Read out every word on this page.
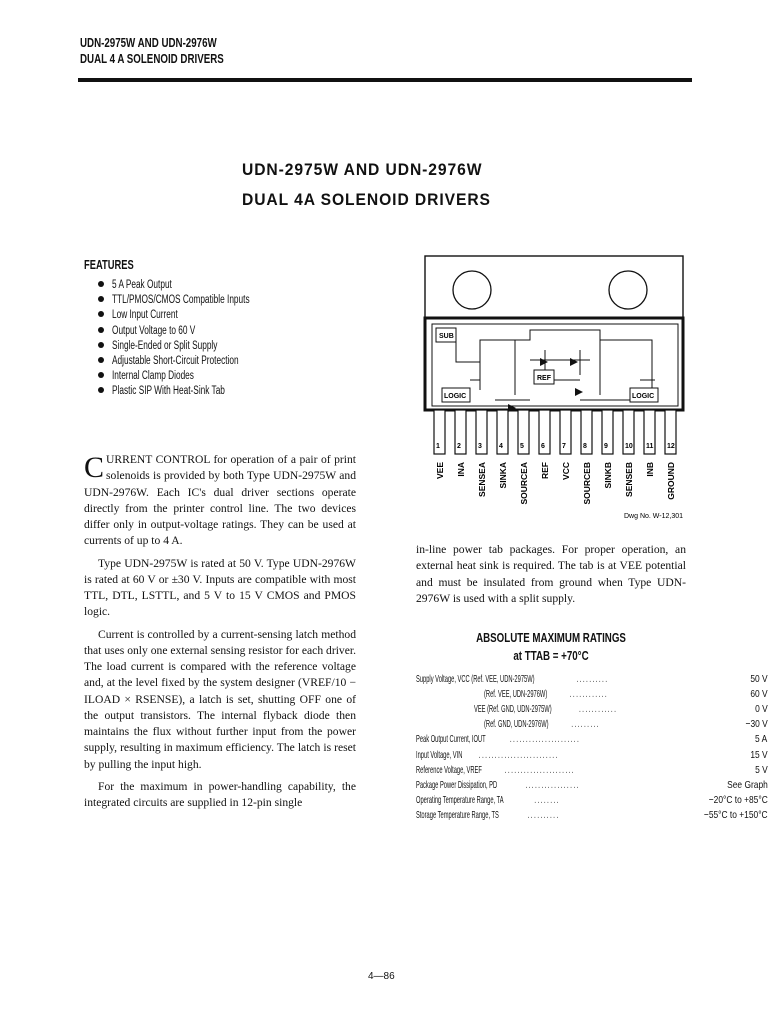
UDN-2975W AND UDN-2976W
DUAL 4 A SOLENOID DRIVERS
UDN-2975W AND UDN-2976W
DUAL 4A SOLENOID DRIVERS
FEATURES
5 A Peak Output
TTL/PMOS/CMOS Compatible Inputs
Low Input Current
Output Voltage to 60 V
Single-Ended or Split Supply
Adjustable Short-Circuit Protection
Internal Clamp Diodes
Plastic SIP With Heat-Sink Tab
SUB
REF
LOGIC	LOGIC
1 2 3 4 5 6 7 8 9 10 11 12
VEE INA SENSEA SINKA SOURCEA REF VCC SOURCEB SINKB SENSEB INB GROUND
Dwg No. W-12,301

CURRENT CONTROL for operation of a pair of print solenoids is provided by both Type UDN-2975W and UDN-2976W. Each IC's dual driver sections operate directly from the printer control line. The two devices differ only in output-voltage ratings. They can be used at currents of up to 4 A.

Type UDN-2975W is rated at 50 V. Type UDN-2976W is rated at 60 V or ±30 V. Inputs are compatible with most TTL, DTL, LSTTL, and 5 V to 15 V CMOS and PMOS logic.

Current is controlled by a current-sensing latch method that uses only one external sensing resistor for each driver. The load current is compared with the reference voltage and, at the level fixed by the system designer (VREF/10 − ILOAD × RSENSE), a latch is set, shutting OFF one of the output transistors. The internal flyback diode then maintains the flux without further input from the power supply, resulting in maximum efficiency. The latch is reset by pulling the input high.

For the maximum in power-handling capability, the integrated circuits are supplied in 12-pin single

in-line power tab packages. For proper operation, an external heat sink is required. The tab is at VEE potential and must be insulated from ground when Type UDN-2976W is used with a split supply.

ABSOLUTE MAXIMUM RATINGS
at TTAB = +70°C
Supply Voltage, VCC (Ref. VEE, UDN-2975W) . . . . . . . . . .	50 V
(Ref. VEE, UDN-2976W). . . . . . . . . . . .	60 V
VEE (Ref. GND, UDN-2975W) . . . . . . . . . . . .	0 V
(Ref. GND, UDN-2976W). . . . . . . . .	−30 V
Peak Output Current, IOUT. . . . . . . . . . . . . . . . . . . . . .	5 A
Input Voltage, VIN. . . . . . . . . . . . . . . . . . . . . . . . .	15 V
Reference Voltage, VREF. . . . . . . . . . . . . . . . . . . . . .	5 V
Package Power Dissipation, PD . . . . . . . . . . . . . . . . .	See Graph
Operating Temperature Range, TA . . . . . . . .	−20°C to +85°C
Storage Temperature Range, TS . . . . . . . . . .	−55°C to +150°C
4—86
